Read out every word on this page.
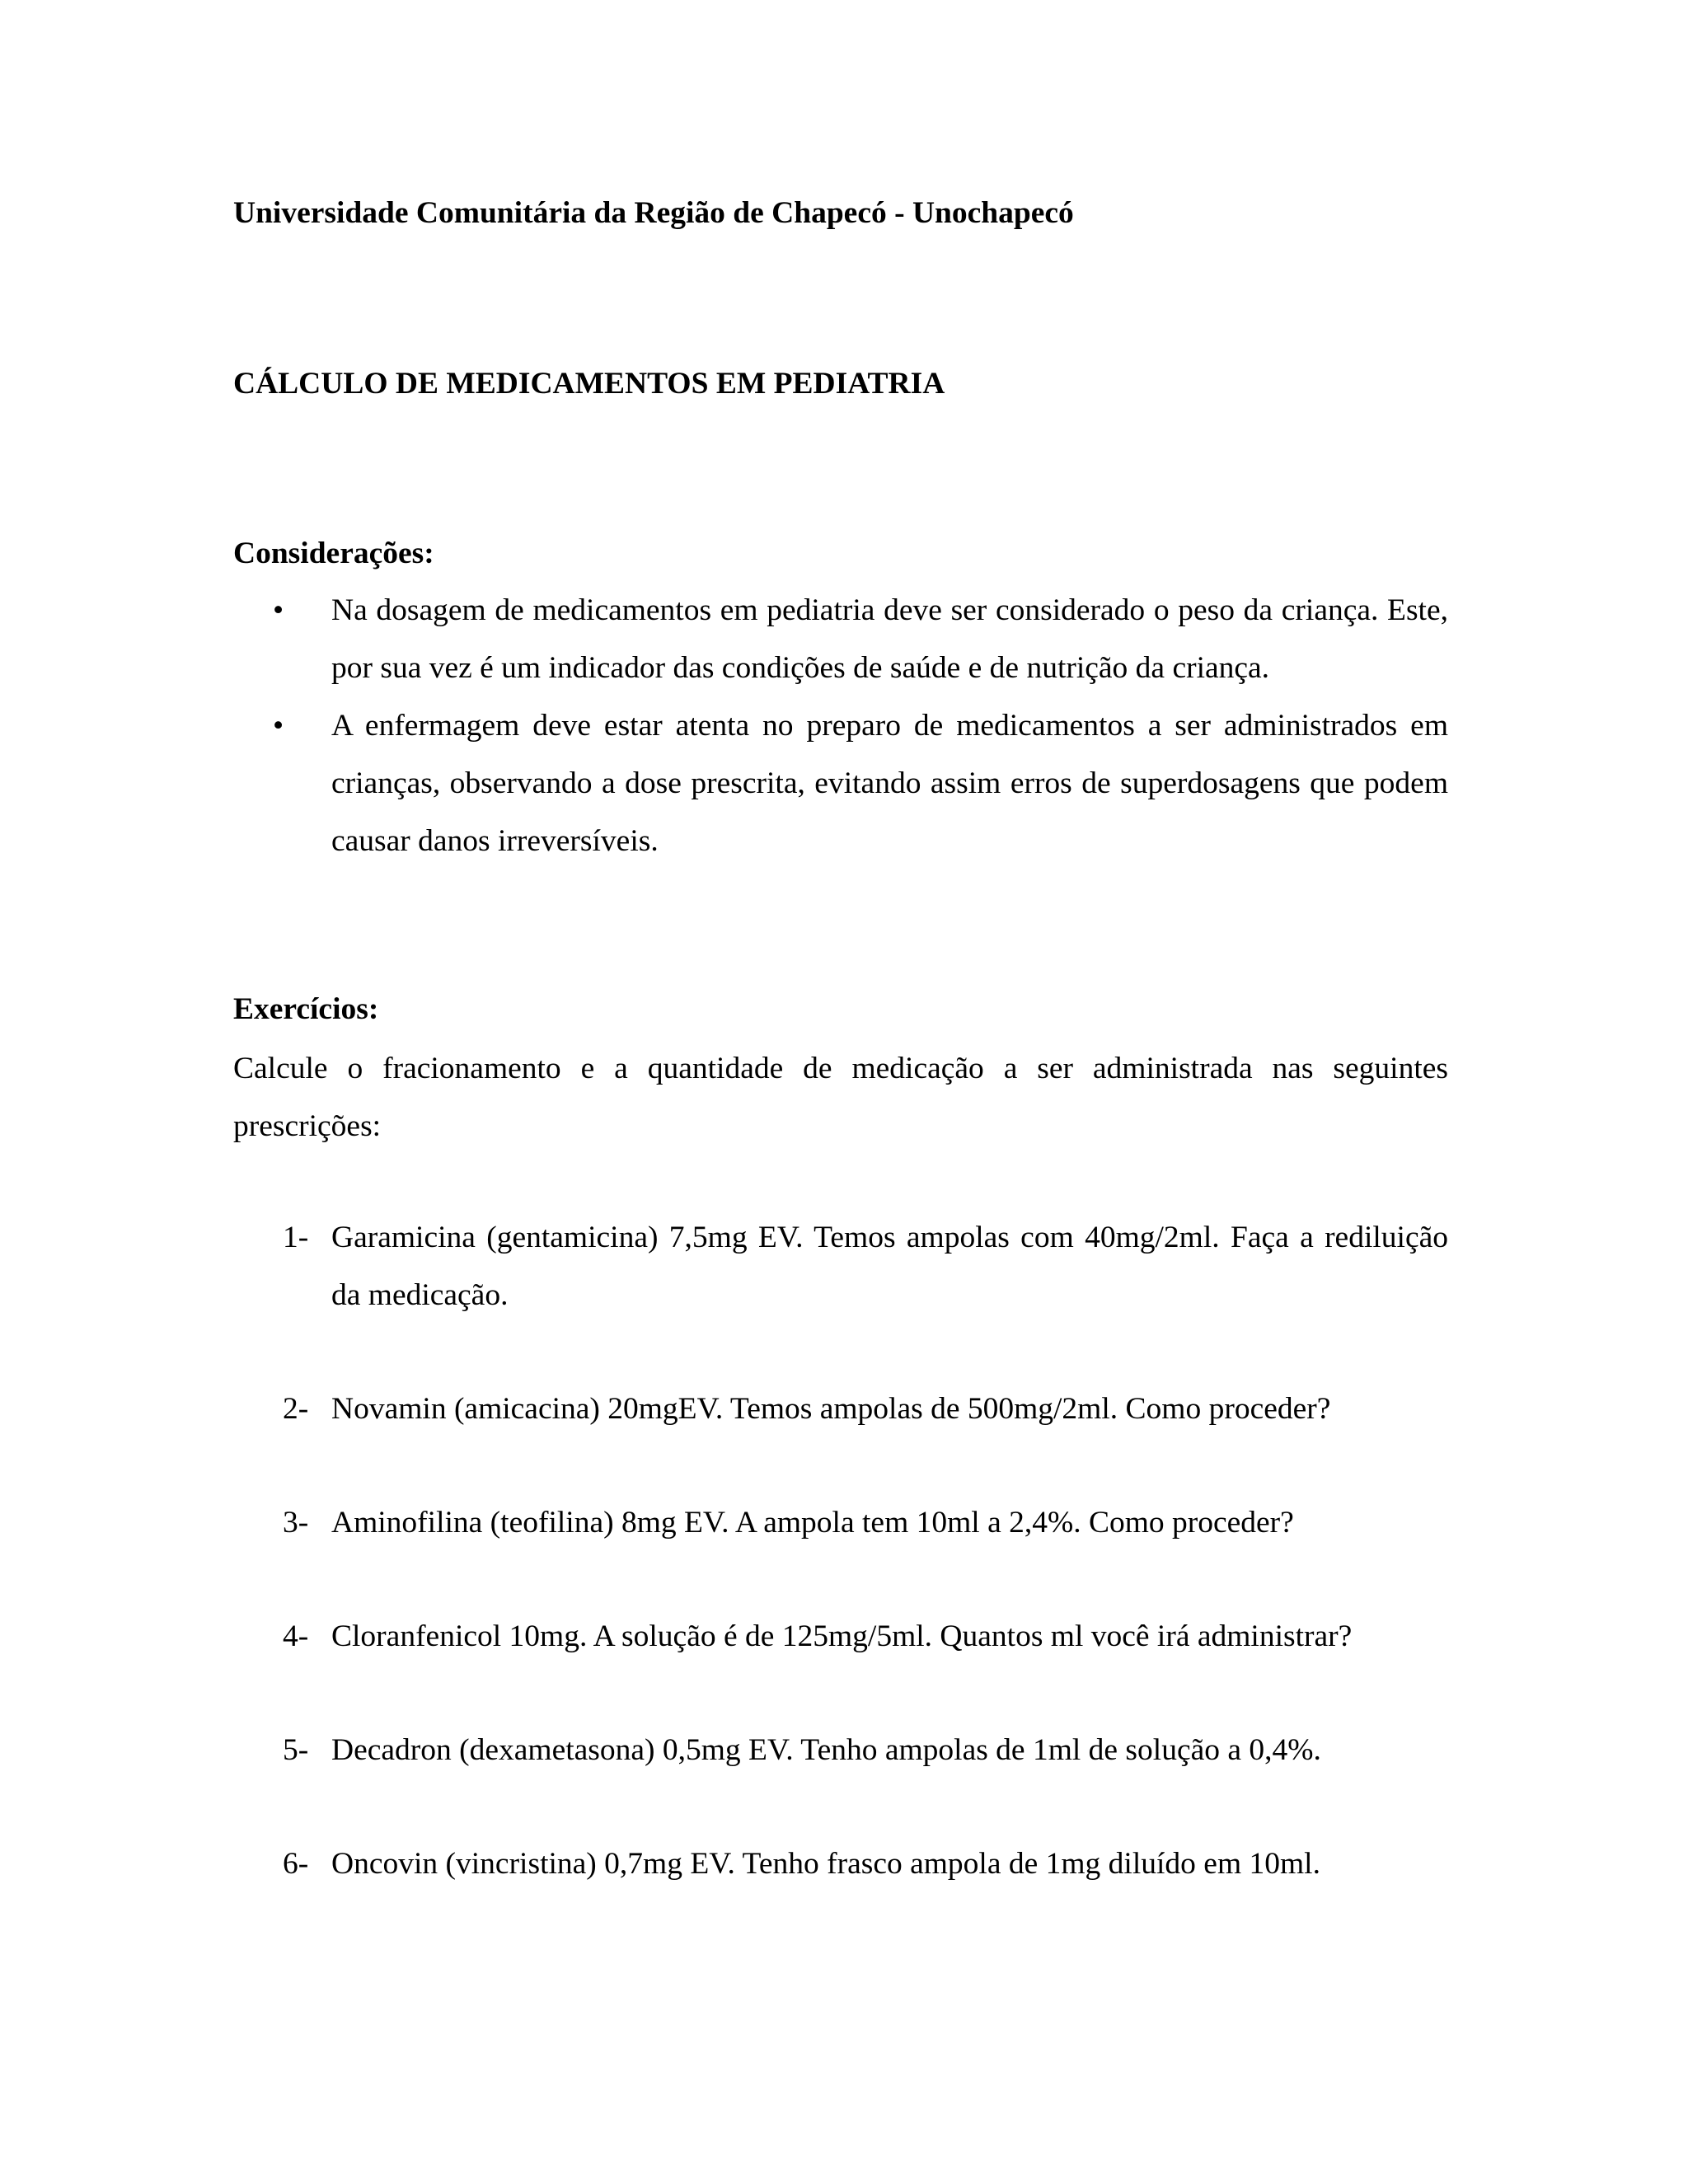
Universidade Comunitária da Região de Chapecó - Unochapecó
CÁLCULO DE MEDICAMENTOS EM PEDIATRIA
Considerações:
• Na dosagem de medicamentos em pediatria deve ser considerado o peso da criança. Este, por sua vez é um indicador das condições de saúde e de nutrição da criança.
• A enfermagem deve estar atenta no preparo de medicamentos a ser administrados em crianças, observando a dose prescrita, evitando assim erros de superdosagens que podem causar danos irreversíveis.
Exercícios:
Calcule o fracionamento e a quantidade de medicação a ser administrada nas seguintes prescrições:
1- Garamicina (gentamicina) 7,5mg EV. Temos ampolas com 40mg/2ml. Faça a rediluição da medicação.
2- Novamin (amicacina) 20mgEV. Temos ampolas de 500mg/2ml. Como proceder?
3- Aminofilina (teofilina) 8mg EV. A ampola tem 10ml a 2,4%. Como proceder?
4- Cloranfenicol 10mg. A solução é de 125mg/5ml. Quantos ml você irá administrar?
5- Decadron (dexametasona) 0,5mg EV. Tenho ampolas de 1ml de solução a 0,4%.
6- Oncovin (vincristina) 0,7mg EV. Tenho frasco ampola de 1mg diluído em 10ml.
